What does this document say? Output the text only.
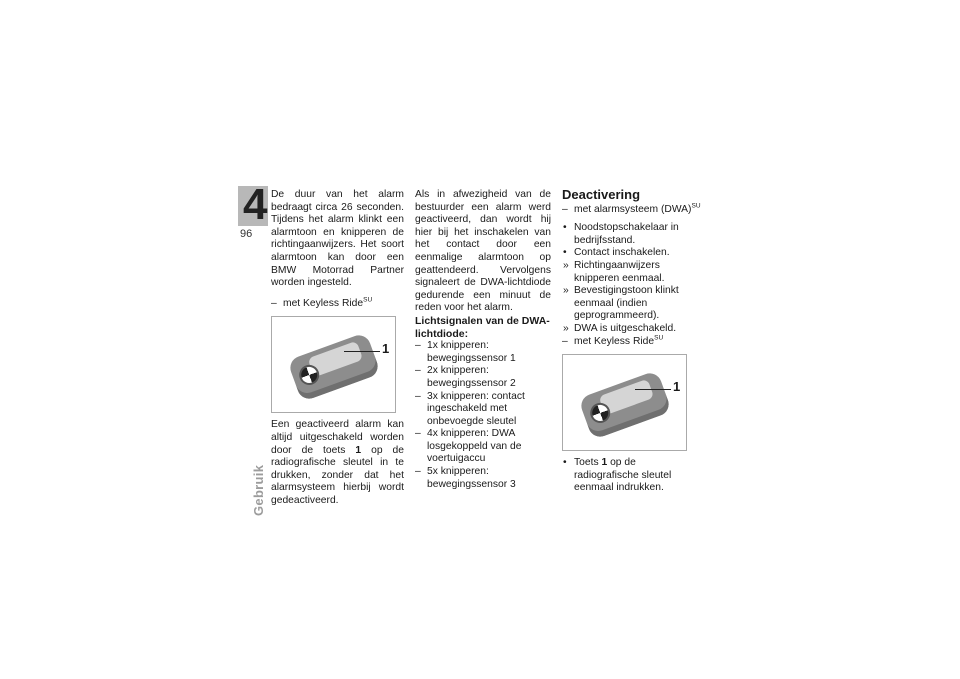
4
96
Gebruik

De duur van het alarm bedraagt circa 26 seconden. Tijdens het alarm klinkt een alarmtoon en knipperen de richtingaanwijzers. Het soort alarmtoon kan door een BMW Motorrad Partner worden ingesteld.

– met Keyless Ride$^{SU}$

1

Een geactiveerd alarm kan altijd uitgeschakeld worden door de toets 1 op de radiografische sleutel in te drukken, zonder dat het alarmsysteem hierbij wordt gedeactiveerd.

Als in afwezigheid van de bestuurder een alarm werd geactiveerd, dan wordt hij hier bij het inschakelen van het contact door een eenmalige alarmtoon op geattendeerd. Vervolgens signaleert de DWA-lichtdiode gedurende een minuut de reden voor het alarm.

Lichtsignalen van de DWA-lichtdiode:

– 1x knipperen: bewegingssensor 1

– 2x knipperen: bewegingssensor 2

– 3x knipperen: contact ingeschakeld met onbevoegde sleutel

– 4x knipperen: DWA losgekoppeld van de voertuigaccu

– 5x knipperen: bewegingssensor 3

Deactivering

– met alarmsysteem (DWA)$^{SU}$

• Noodstopschakelaar in bedrijfsstand.

• Contact inschakelen.

» Richtingaanwijzers knipperen eenmaal.

» Bevestigingstoon klinkt eenmaal (indien geprogrammeerd).

» DWA is uitgeschakeld.

– met Keyless Ride$^{SU}$

1

• Toets 1 op de radiografische sleutel eenmaal indrukken.
